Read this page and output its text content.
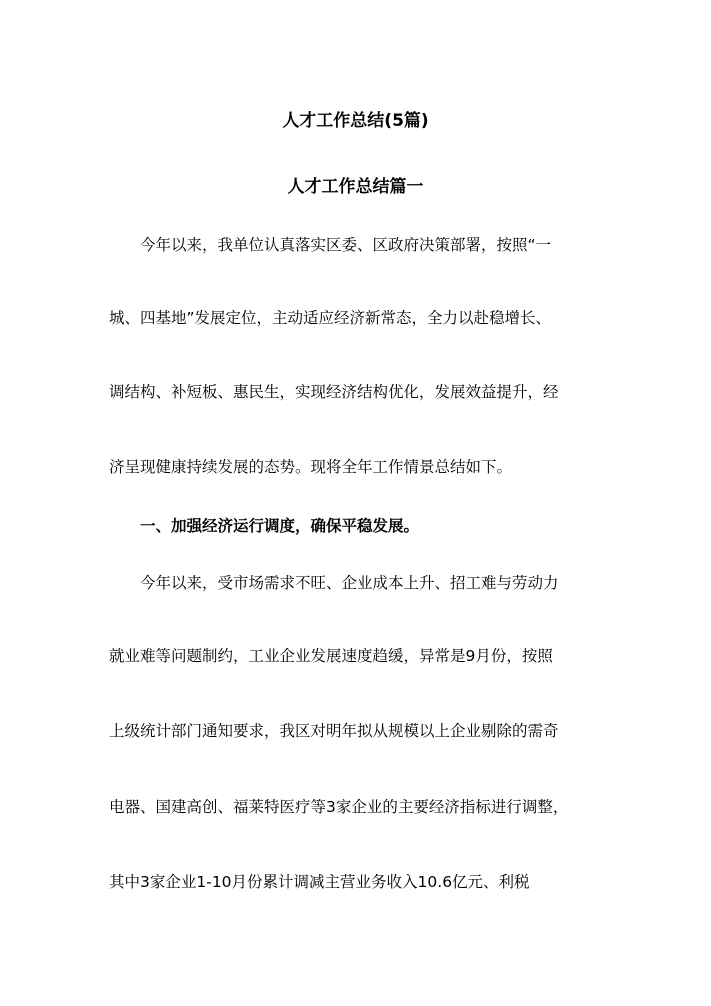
人才工作总结(5篇)
人才工作总结篇一
今年以来，我单位认真落实区委、区政府决策部署，按照“一
城、四基地”发展定位，主动适应经济新常态，全力以赴稳增长、
调结构、补短板、惠民生，实现经济结构优化，发展效益提升，经
济呈现健康持续发展的态势。现将全年工作情景总结如下。
一、加强经济运行调度，确保平稳发展。
今年以来，受市场需求不旺、企业成本上升、招工难与劳动力
就业难等问题制约，工业企业发展速度趋缓，异常是9月份，按照
上级统计部门通知要求，我区对明年拟从规模以上企业剔除的需奇
电器、国建高创、福莱特医疗等3家企业的主要经济指标进行调整，
其中3家企业1-10月份累计调减主营业务收入10.6亿元、利税
